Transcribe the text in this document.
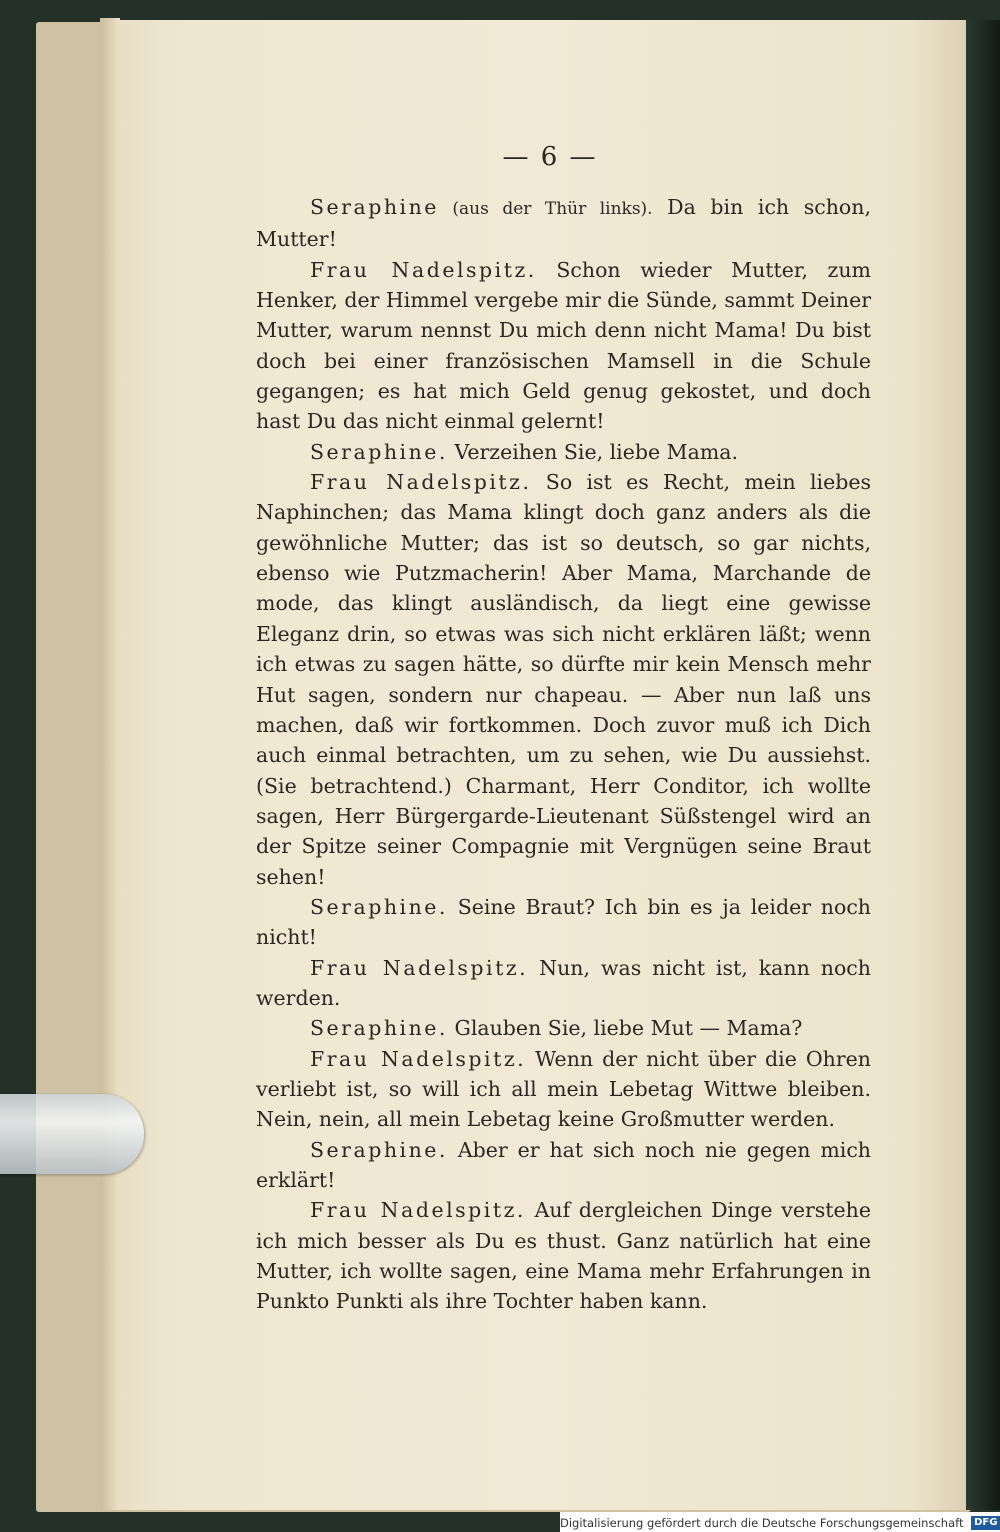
— 6 —

Seraphine (aus der Thür links). Da bin ich schon, Mutter!

Frau Nadelspitz. Schon wieder Mutter, zum Henker, der Himmel vergebe mir die Sünde, sammt Deiner Mutter, warum nennst Du mich denn nicht Mama! Du bist doch bei einer französischen Mamsell in die Schule gegangen; es hat mich Geld genug gekostet, und doch hast Du das nicht einmal gelernt!

Seraphine. Verzeihen Sie, liebe Mama.

Frau Nadelspitz. So ist es Recht, mein liebes Naphinchen; das Mama klingt doch ganz anders als die gewöhnliche Mutter; das ist so deutsch, so gar nichts, ebenso wie Putzmacherin! Aber Mama, Marchande de mode, das klingt ausländisch, da liegt eine gewisse Eleganz drin, so etwas was sich nicht erklären läßt; wenn ich etwas zu sagen hätte, so dürfte mir kein Mensch mehr Hut sagen, sondern nur chapeau. — Aber nun laß uns machen, daß wir fortkommen. Doch zuvor muß ich Dich auch einmal betrachten, um zu sehen, wie Du aussiehst. (Sie betrachtend.) Charmant, Herr Conditor, ich wollte sagen, Herr Bürgergarde-Lieutenant Süßstengel wird an der Spitze seiner Compagnie mit Vergnügen seine Braut sehen!

Seraphine. Seine Braut? Ich bin es ja leider noch nicht!

Frau Nadelspitz. Nun, was nicht ist, kann noch werden.

Seraphine. Glauben Sie, liebe Mut — Mama?

Frau Nadelspitz. Wenn der nicht über die Ohren verliebt ist, so will ich all mein Lebetag Wittwe bleiben. Nein, nein, all mein Lebetag keine Großmutter werden.

Seraphine. Aber er hat sich noch nie gegen mich erklärt!

Frau Nadelspitz. Auf dergleichen Dinge verstehe ich mich besser als Du es thust. Ganz natürlich hat eine Mutter, ich wollte sagen, eine Mama mehr Erfahrungen in Punkto Punkti als ihre Tochter haben kann.

Digitalisierung gefördert durch die Deutsche Forschungsgemeinschaft DFG
